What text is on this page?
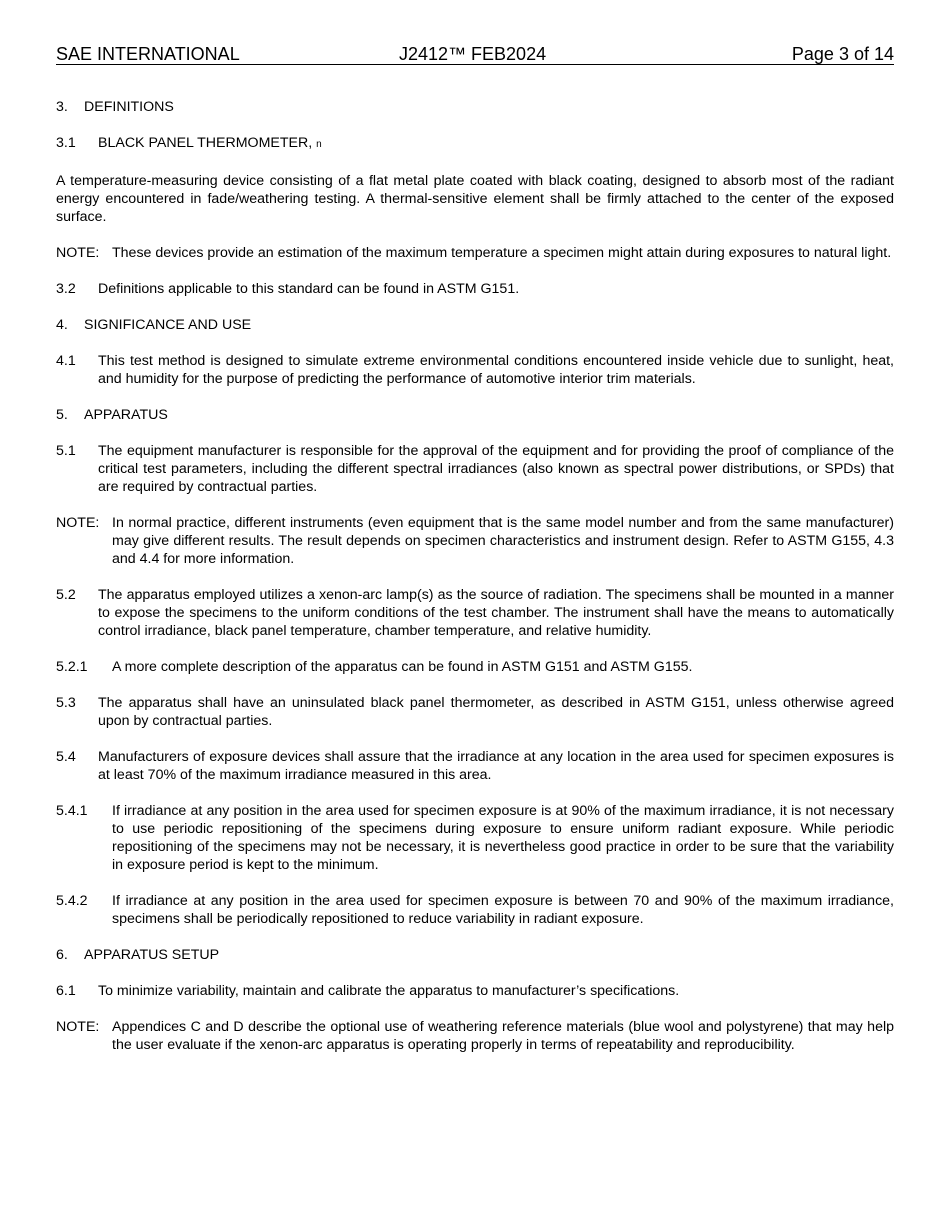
SAE INTERNATIONAL	J2412™ FEB2024	Page 3 of 14
3.	DEFINITIONS
3.1	BLACK PANEL THERMOMETER, n
A temperature-measuring device consisting of a flat metal plate coated with black coating, designed to absorb most of the radiant energy encountered in fade/weathering testing. A thermal-sensitive element shall be firmly attached to the center of the exposed surface.
NOTE: These devices provide an estimation of the maximum temperature a specimen might attain during exposures to natural light.
3.2	Definitions applicable to this standard can be found in ASTM G151.
4.	SIGNIFICANCE AND USE
4.1	This test method is designed to simulate extreme environmental conditions encountered inside vehicle due to sunlight, heat, and humidity for the purpose of predicting the performance of automotive interior trim materials.
5.	APPARATUS
5.1	The equipment manufacturer is responsible for the approval of the equipment and for providing the proof of compliance of the critical test parameters, including the different spectral irradiances (also known as spectral power distributions, or SPDs) that are required by contractual parties.
NOTE: In normal practice, different instruments (even equipment that is the same model number and from the same manufacturer) may give different results. The result depends on specimen characteristics and instrument design. Refer to ASTM G155, 4.3 and 4.4 for more information.
5.2	The apparatus employed utilizes a xenon-arc lamp(s) as the source of radiation. The specimens shall be mounted in a manner to expose the specimens to the uniform conditions of the test chamber. The instrument shall have the means to automatically control irradiance, black panel temperature, chamber temperature, and relative humidity.
5.2.1	A more complete description of the apparatus can be found in ASTM G151 and ASTM G155.
5.3	The apparatus shall have an uninsulated black panel thermometer, as described in ASTM G151, unless otherwise agreed upon by contractual parties.
5.4	Manufacturers of exposure devices shall assure that the irradiance at any location in the area used for specimen exposures is at least 70% of the maximum irradiance measured in this area.
5.4.1	If irradiance at any position in the area used for specimen exposure is at 90% of the maximum irradiance, it is not necessary to use periodic repositioning of the specimens during exposure to ensure uniform radiant exposure. While periodic repositioning of the specimens may not be necessary, it is nevertheless good practice in order to be sure that the variability in exposure period is kept to the minimum.
5.4.2	If irradiance at any position in the area used for specimen exposure is between 70 and 90% of the maximum irradiance, specimens shall be periodically repositioned to reduce variability in radiant exposure.
6.	APPARATUS SETUP
6.1	To minimize variability, maintain and calibrate the apparatus to manufacturer’s specifications.
NOTE: Appendices C and D describe the optional use of weathering reference materials (blue wool and polystyrene) that may help the user evaluate if the xenon-arc apparatus is operating properly in terms of repeatability and reproducibility.
